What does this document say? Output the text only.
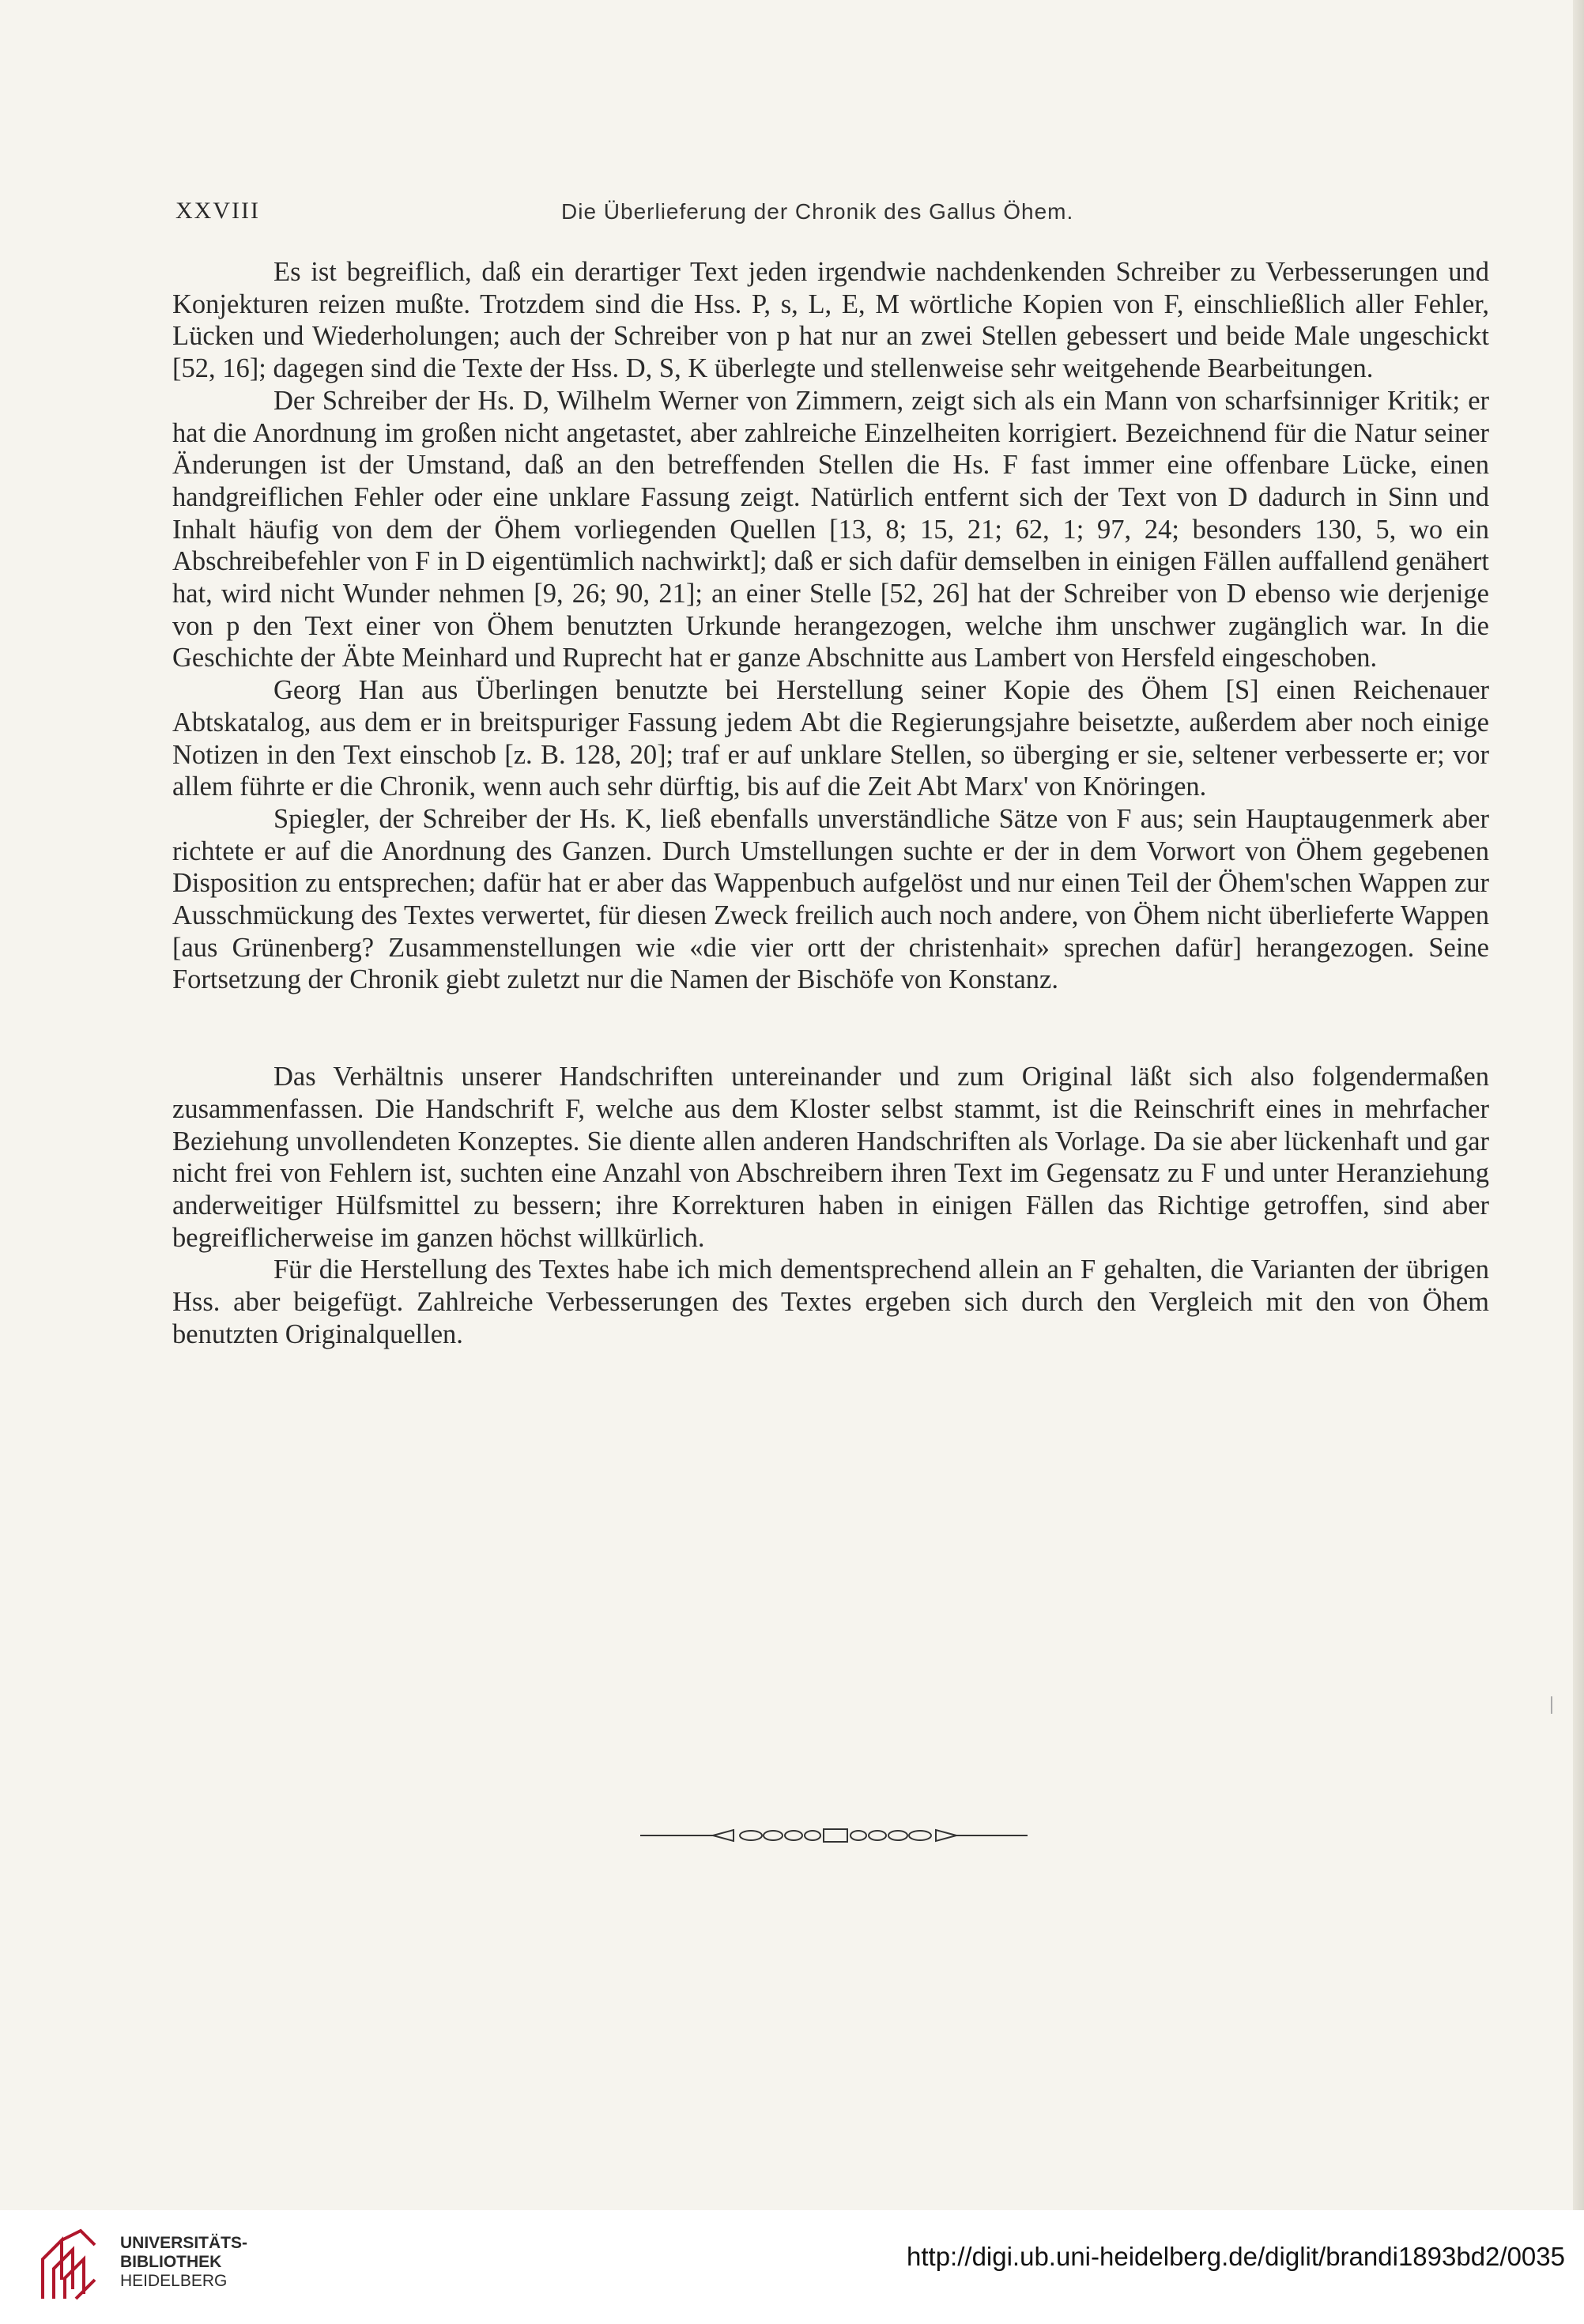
XXVIII	Die Überlieferung der Chronik des Gallus Öhem.

Es ist begreiflich, daß ein derartiger Text jeden irgendwie nachdenkenden Schreiber zu Verbesserungen und Konjekturen reizen mußte. Trotzdem sind die Hss. P, s, L, E, M wörtliche Kopien von F, einschließlich aller Fehler, Lücken und Wiederholungen; auch der Schreiber von p hat nur an zwei Stellen gebessert und beide Male ungeschickt [52, 16]; dagegen sind die Texte der Hss. D, S, K überlegte und stellenweise sehr weitgehende Bearbeitungen.

Der Schreiber der Hs. D, Wilhelm Werner von Zimmern, zeigt sich als ein Mann von scharfsinniger Kritik; er hat die Anordnung im großen nicht angetastet, aber zahlreiche Einzelheiten korrigiert. Bezeichnend für die Natur seiner Änderungen ist der Umstand, daß an den betreffenden Stellen die Hs. F fast immer eine offenbare Lücke, einen handgreiflichen Fehler oder eine unklare Fassung zeigt. Natürlich entfernt sich der Text von D dadurch in Sinn und Inhalt häufig von dem der Öhem vorliegenden Quellen [13, 8; 15, 21; 62, 1; 97, 24; besonders 130, 5, wo ein Abschreibefehler von F in D eigentümlich nachwirkt]; daß er sich dafür demselben in einigen Fällen auffallend genähert hat, wird nicht Wunder nehmen [9, 26; 90, 21]; an einer Stelle [52, 26] hat der Schreiber von D ebenso wie derjenige von p den Text einer von Öhem benutzten Urkunde herangezogen, welche ihm unschwer zugänglich war. In die Geschichte der Äbte Meinhard und Ruprecht hat er ganze Abschnitte aus Lambert von Hersfeld eingeschoben.

Georg Han aus Überlingen benutzte bei Herstellung seiner Kopie des Öhem [S] einen Reichenauer Abtskatalog, aus dem er in breitspuriger Fassung jedem Abt die Regierungsjahre beisetzte, außerdem aber noch einige Notizen in den Text einschob [z. B. 128, 20]; traf er auf unklare Stellen, so überging er sie, seltener verbesserte er; vor allem führte er die Chronik, wenn auch sehr dürftig, bis auf die Zeit Abt Marx' von Knöringen.

Spiegler, der Schreiber der Hs. K, ließ ebenfalls unverständliche Sätze von F aus; sein Hauptaugenmerk aber richtete er auf die Anordnung des Ganzen. Durch Umstellungen suchte er der in dem Vorwort von Öhem gegebenen Disposition zu entsprechen; dafür hat er aber das Wappenbuch aufgelöst und nur einen Teil der Öhem'schen Wappen zur Ausschmückung des Textes verwertet, für diesen Zweck freilich auch noch andere, von Öhem nicht überlieferte Wappen [aus Grünenberg? Zusammenstellungen wie «die vier ortt der christenhait» sprechen dafür] herangezogen. Seine Fortsetzung der Chronik giebt zuletzt nur die Namen der Bischöfe von Konstanz.

Das Verhältnis unserer Handschriften untereinander und zum Original läßt sich also folgendermaßen zusammenfassen. Die Handschrift F, welche aus dem Kloster selbst stammt, ist die Reinschrift eines in mehrfacher Beziehung unvollendeten Konzeptes. Sie diente allen anderen Handschriften als Vorlage. Da sie aber lückenhaft und gar nicht frei von Fehlern ist, suchten eine Anzahl von Abschreibern ihren Text im Gegensatz zu F und unter Heranziehung anderweitiger Hülfsmittel zu bessern; ihre Korrekturen haben in einigen Fällen das Richtige getroffen, sind aber begreiflicherweise im ganzen höchst willkürlich.

Für die Herstellung des Textes habe ich mich dementsprechend allein an F gehalten, die Varianten der übrigen Hss. aber beigefügt. Zahlreiche Verbesserungen des Textes ergeben sich durch den Vergleich mit den von Öhem benutzten Originalquellen.

UNIVERSITÄTS-
BIBLIOTHEK
HEIDELBERG
http://digi.ub.uni-heidelberg.de/diglit/brandi1893bd2/0035
